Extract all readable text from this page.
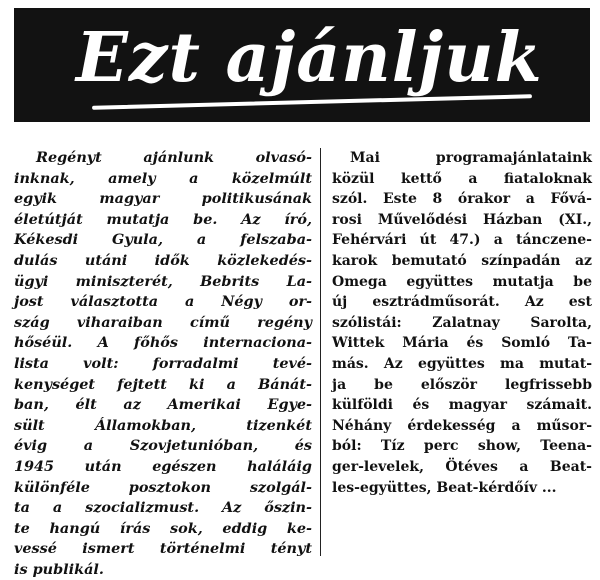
Ezt ajánljuk
Regényt ajánlunk olvasó-
inknak, amely a közelmúlt
egyik magyar politikusának
életútját mutatja be. Az író,
Kékesdi Gyula, a felszaba-
dulás utáni idők közlekedés-
ügyi miniszterét, Bebrits La-
jost választotta a Négy or-
szág viharaiban című regény
hőséül. A főhős internaciona-
lista volt: forradalmi tevé-
kenységet fejtett ki a Bánát-
ban, élt az Amerikai Egye-
sült Államokban, tizenkét
évig a Szovjetunióban, és
1945 után egészen haláláig
különféle posztokon szolgál-
ta a szocializmust. Az őszin-
te hangú írás sok, eddig ke-
vessé ismert történelmi tényt
is publikál.
Mai programajánlataink
közül kettő a fiataloknak
szól. Este 8 órakor a Fővá-
rosi Művelődési Házban (XI.,
Fehérvári út 47.) a tánczene-
karok bemutató színpadán az
Omega együttes mutatja be
új esztrádműsorát. Az est
szólistái: Zalatnay Sarolta,
Wittek Mária és Somló Ta-
más. Az együttes ma mutat-
ja be először legfrissebb
külföldi és magyar számait.
Néhány érdekesség a műsor-
ból: Tíz perc show, Teena-
ger-levelek, Ötéves a Beat-
les-együttes, Beat-kérdőív ...
